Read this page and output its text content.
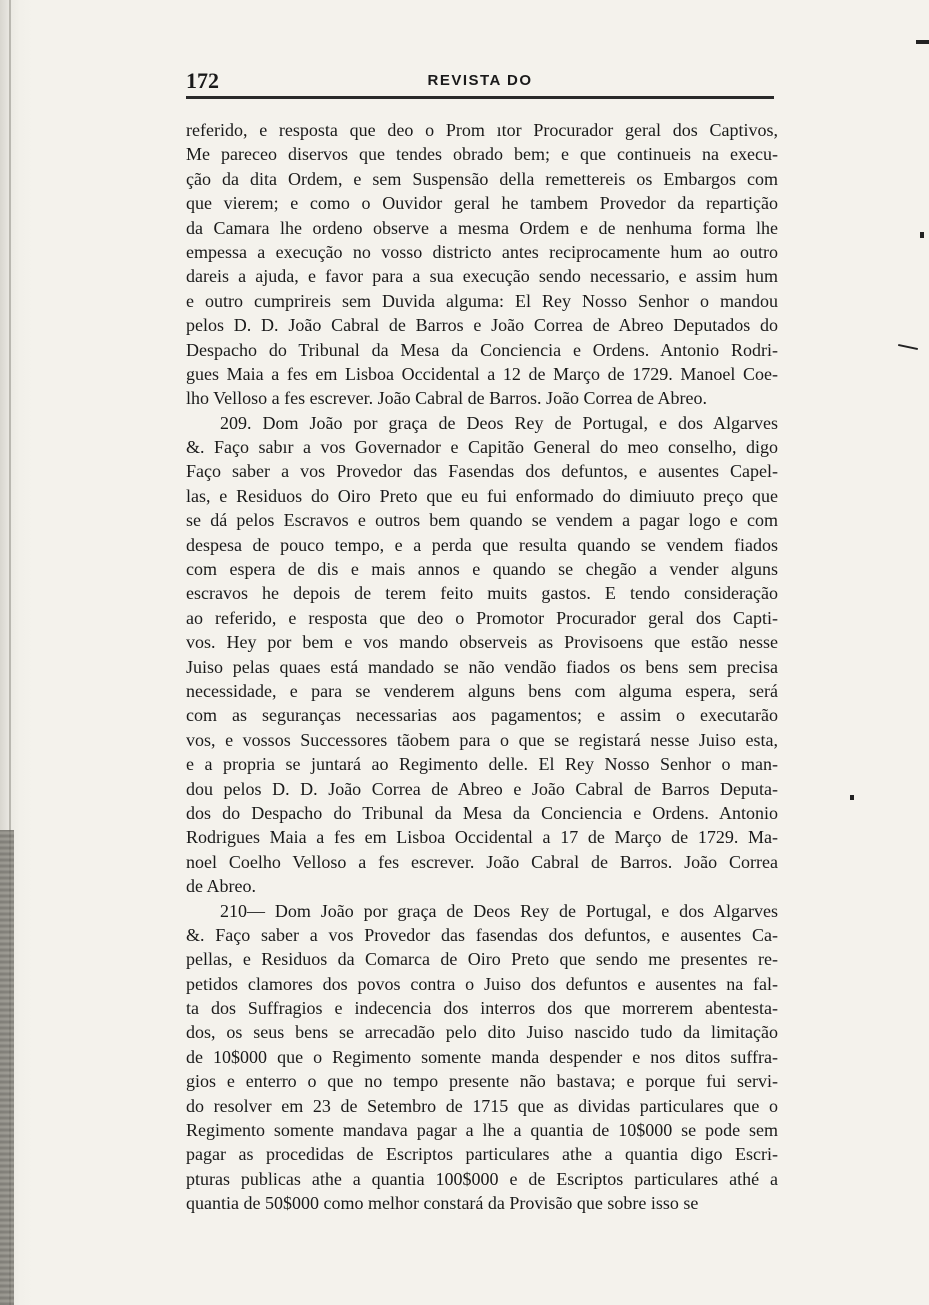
172	REVISTA DO
referido, e resposta que deo o Prom ıtor Procurador geral dos Captivos,
Me pareceo diservos que tendes obrado bem; e que continueis na execu-
ção da dita Ordem, e sem Suspensão della remettereis os Embargos com
que vierem; e como o Ouvidor geral he tambem Provedor da repartição
da Camara lhe ordeno observe a mesma Ordem e de nenhuma forma lhe
empessa a execução no vosso districto antes reciprocamente hum ao outro
dareis a ajuda, e favor para a sua execução sendo necessario, e assim hum
e outro cumprireis sem Duvida alguma: El Rey Nosso Senhor o mandou
pelos D. D. João Cabral de Barros e João Correa de Abreo Deputados do
Despacho do Tribunal da Mesa da Conciencia e Ordens. Antonio Rodri-
gues Maia a fes em Lisboa Occidental a 12 de Março de 1729. Manoel Coe-
lho Velloso a fes escrever. João Cabral de Barros. João Correa de Abreo.
209. Dom João por graça de Deos Rey de Portugal, e dos Algarves
&. Faço sabır a vos Governador e Capitão General do meo conselho, digo
Faço saber a vos Provedor das Fasendas dos defuntos, e ausentes Capel-
las, e Residuos do Oiro Preto que eu fui enformado do dimiuuto preço que
se dá pelos Escravos e outros bem quando se vendem a pagar logo e com
despesa de pouco tempo, e a perda que resulta quando se vendem fiados
com espera de dis e mais annos e quando se chegão a vender alguns
escravos he depois de terem feito muits gastos. E tendo consideração
ao referido, e resposta que deo o Promotor Procurador geral dos Capti-
vos. Hey por bem e vos mando observeis as Provisoens que estão nesse
Juiso pelas quaes está mandado se não vendão fiados os bens sem precisa
necessidade, e para se venderem alguns bens com alguma espera, será
com as seguranças necessarias aos pagamentos; e assim o executarão
vos, e vossos Successores tãobem para o que se registará nesse Juiso esta,
e a propria se juntará ao Regimento delle. El Rey Nosso Senhor o man-
dou pelos D. D. João Correa de Abreo e João Cabral de Barros Deputa-
dos do Despacho do Tribunal da Mesa da Conciencia e Ordens. Antonio
Rodrigues Maia a fes em Lisboa Occidental a 17 de Março de 1729. Ma-
noel Coelho Velloso a fes escrever. João Cabral de Barros. João Correa
de Abreo.
210— Dom João por graça de Deos Rey de Portugal, e dos Algarves
&. Faço saber a vos Provedor das fasendas dos defuntos, e ausentes Ca-
pellas, e Residuos da Comarca de Oiro Preto que sendo me presentes re-
petidos clamores dos povos contra o Juiso dos defuntos e ausentes na fal-
ta dos Suffragios e indecencia dos interros dos que morrerem abentesta-
dos, os seus bens se arrecadão pelo dito Juiso nascido tudo da limitação
de 10$000 que o Regimento somente manda despender e nos ditos suffra-
gios e enterro o que no tempo presente não bastava; e porque fui servi-
do resolver em 23 de Setembro de 1715 que as dividas particulares que o
Regimento somente mandava pagar a lhe a quantia de 10$000 se pode sem
pagar as procedidas de Escriptos particulares athe a quantia digo Escri-
pturas publicas athe a quantia 100$000 e de Escriptos particulares athé a
quantia de 50$000 como melhor constará da Provisão que sobre isso se
